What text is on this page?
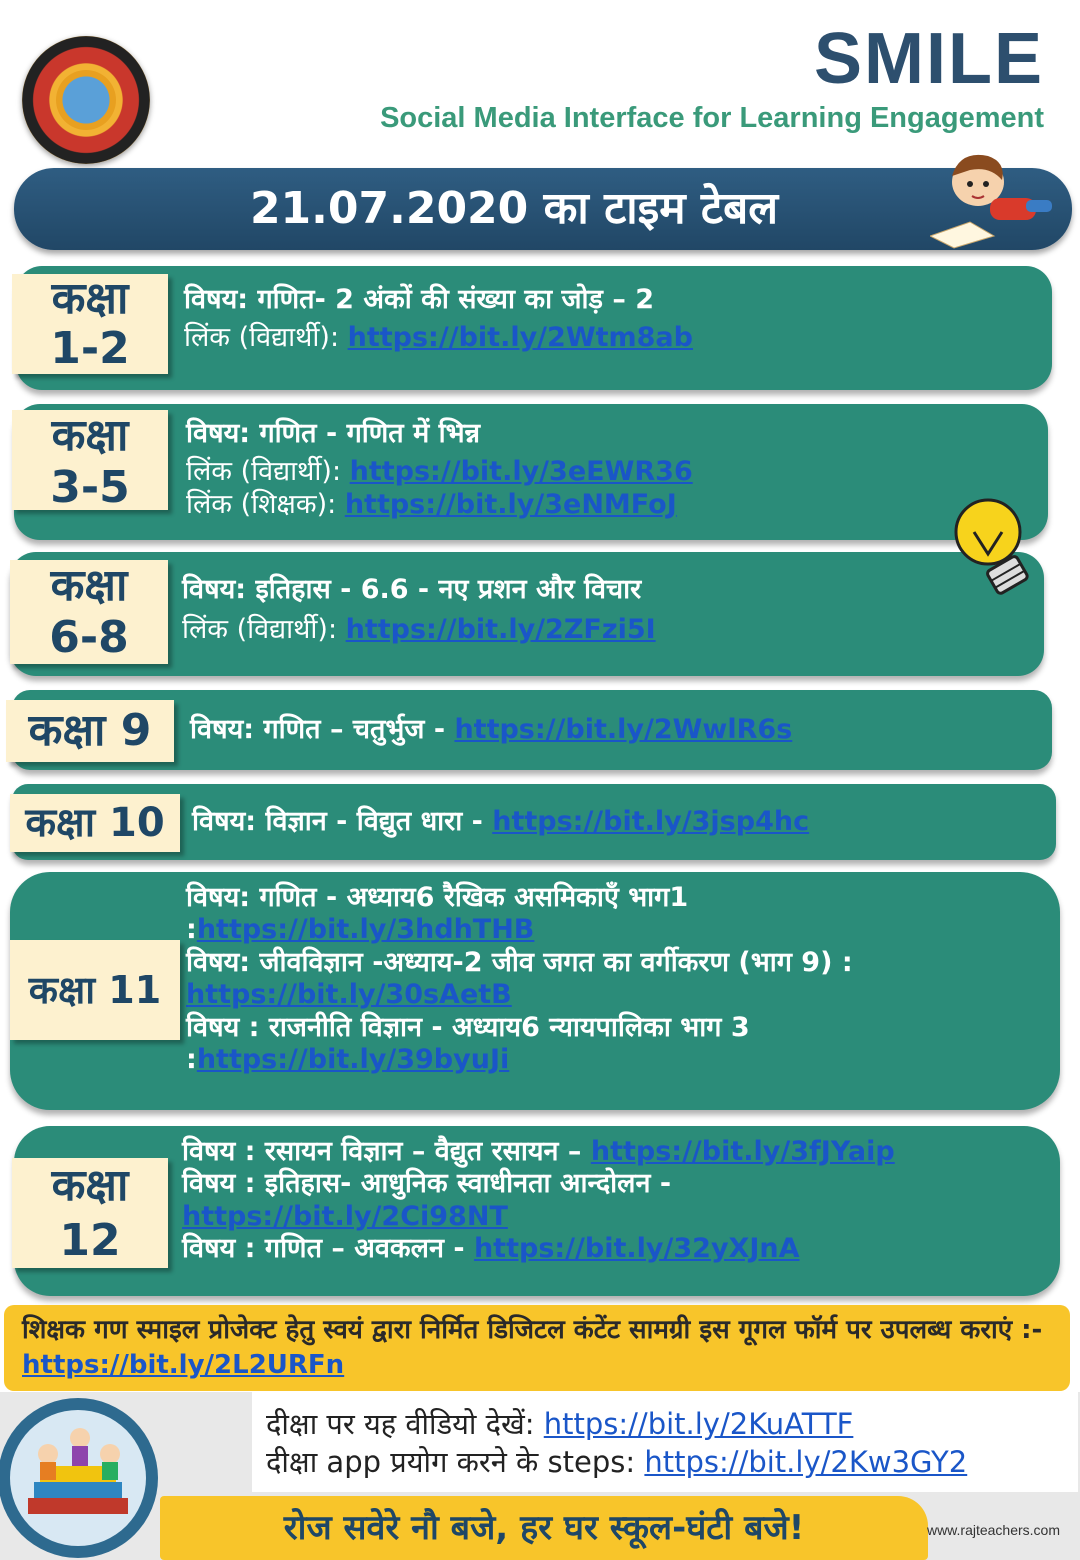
SMILE
Social Media Interface for Learning Engagement
21.07.2020 का टाइम टेबल
विषय: गणित- 2 अंकों की संख्या का जोड़ – 2
लिंक (विद्यार्थी): https://bit.ly/2Wtm8ab
कक्षा
1-2
विषय: गणित - गणित में भिन्न
लिंक (विद्यार्थी): https://bit.ly/3eEWR36
लिंक (शिक्षक): https://bit.ly/3eNMFoJ
कक्षा
3-5
विषय: इतिहास - 6.6 - नए प्रशन और विचार
लिंक (विद्यार्थी): https://bit.ly/2ZFzi5I
कक्षा
6-8
विषय: गणित – चतुर्भुज - https://bit.ly/2WwlR6s
कक्षा 9
विषय: विज्ञान - विद्युत धारा - https://bit.ly/3jsp4hc
कक्षा 10
विषय: गणित - अध्याय6 रैखिक असमिकाएँ भाग1
:https://bit.ly/3hdhTHB
विषय: जीवविज्ञान -अध्याय-2 जीव जगत का वर्गीकरण (भाग 9) :
https://bit.ly/30sAetB
विषय : राजनीति विज्ञान - अध्याय6 न्यायपालिका भाग 3
:https://bit.ly/39byuJi
कक्षा 11
विषय : रसायन विज्ञान – वैद्युत रसायन – https://bit.ly/3fJYaip
विषय : इतिहास- आधुनिक स्वाधीनता आन्दोलन -
https://bit.ly/2Ci98NT
विषय : गणित – अवकलन - https://bit.ly/32yXJnA
कक्षा
12
शिक्षक गण स्माइल प्रोजेक्ट हेतु स्वयं द्वारा निर्मित डिजिटल कंटेंट सामग्री इस गूगल फॉर्म पर उपलब्ध कराएं :- https://bit.ly/2L2URFn
दीक्षा पर यह वीडियो देखें: https://bit.ly/2KuATTF
दीक्षा app प्रयोग करने के steps: https://bit.ly/2Kw3GY2
रोज सवेरे नौ बजे, हर घर स्कूल-घंटी बजे!	www.rajteachers.com
